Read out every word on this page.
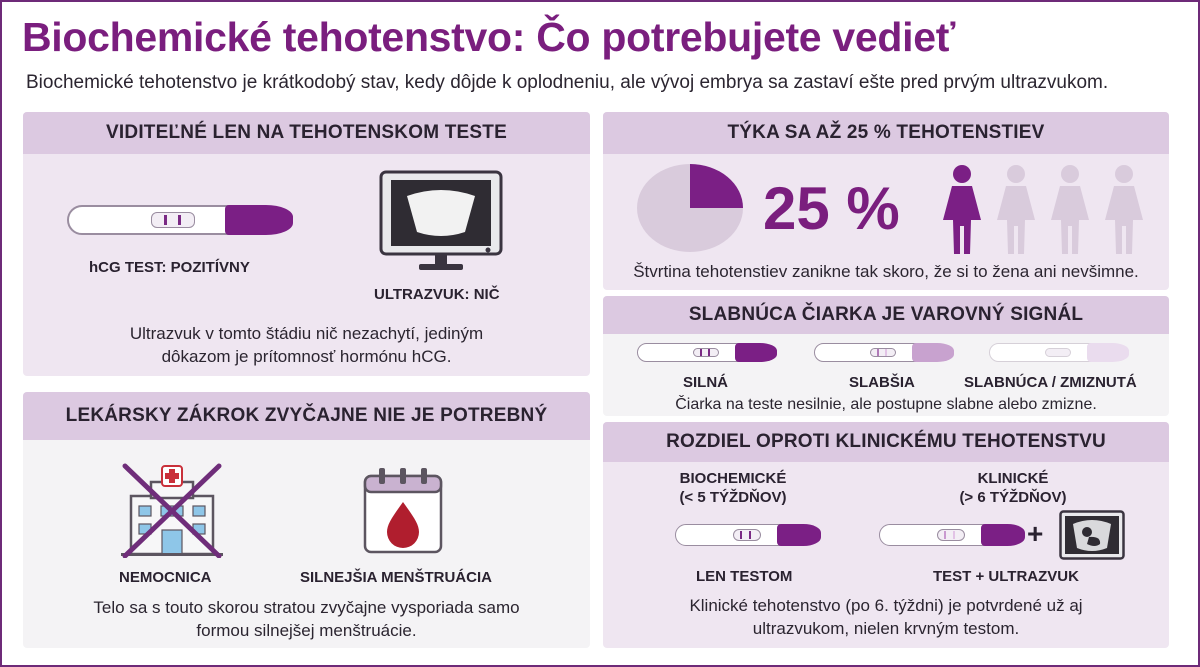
Biochemické tehotenstvo: Čo potrebujete vedieť
Biochemické tehotenstvo je krátkodobý stav, kedy dôjde k oplodneniu, ale vývoj embrya sa zastaví ešte pred prvým ultrazvukom.
VIDITEĽNÉ LEN NA TEHOTENSKOM TESTE
hCG TEST: POZITÍVNY
ULTRAZVUK: NIČ
Ultrazvuk v tomto štádiu nič nezachytí, jediným
dôkazom je prítomnosť hormónu hCG.
LEKÁRSKY ZÁKROK ZVYČAJNE NIE JE POTREBNÝ
NEMOCNICA	SILNEJŠIA MENŠTRUÁCIA
Telo sa s touto skorou stratou zvyčajne vysporiada samo
formou silnejšej menštruácie.
TÝKA SA AŽ 25 % TEHOTENSTIEV
25 %
Štvrtina tehotenstiev zanikne tak skoro, že si to žena ani nevšimne.
SLABNÚCA ČIARKA JE VAROVNÝ SIGNÁL
SILNÁ	SLABŠIA	SLABNÚCA / ZMIZNUTÁ
Čiarka na teste nesilnie, ale postupne slabne alebo zmizne.
ROZDIEL OPROTI KLINICKÉMU TEHOTENSTVU
BIOCHEMICKÉ
(< 5 TÝŽDŇOV)
KLINICKÉ
(> 6 TÝŽDŇOV)
+
LEN TESTOM	TEST + ULTRAZVUK
Klinické tehotenstvo (po 6. týždni) je potvrdené už aj
ultrazvukom, nielen krvným testom.
